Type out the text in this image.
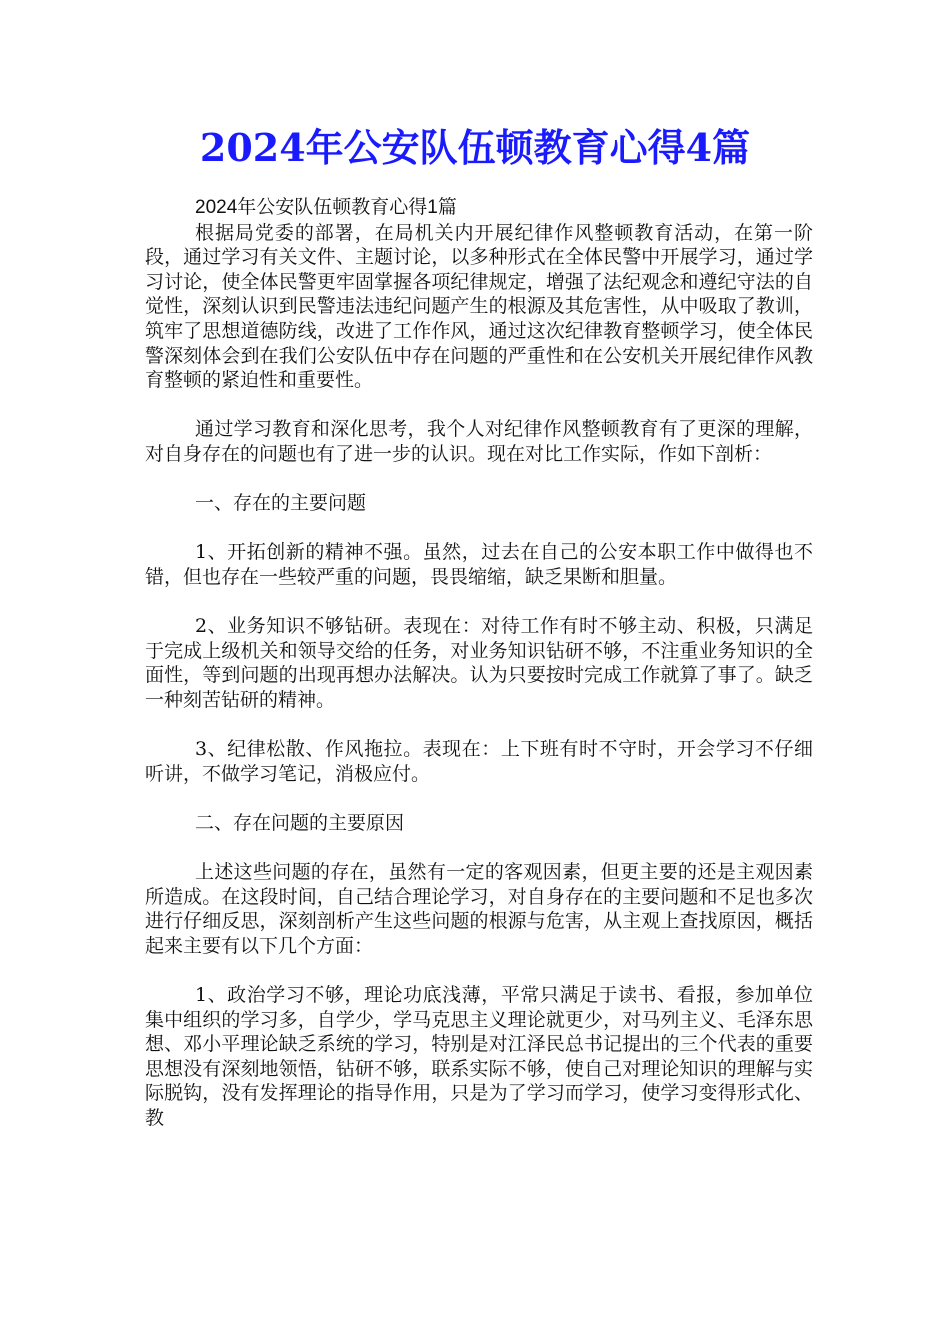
2024年公安队伍顿教育心得4篇

2024年公安队伍顿教育心得1篇

根据局党委的部署，在局机关内开展纪律作风整顿教育活动，在第一阶段，通过学习有关文件、主题讨论，以多种形式在全体民警中开展学习，通过学习讨论，使全体民警更牢固掌握各项纪律规定，增强了法纪观念和遵纪守法的自觉性，深刻认识到民警违法违纪问题产生的根源及其危害性，从中吸取了教训，筑牢了思想道德防线，改进了工作作风，通过这次纪律教育整顿学习，使全体民警深刻体会到在我们公安队伍中存在问题的严重性和在公安机关开展纪律作风教育整顿的紧迫性和重要性。

通过学习教育和深化思考，我个人对纪律作风整顿教育有了更深的理解，对自身存在的问题也有了进一步的认识。现在对比工作实际，作如下剖析：

一、存在的主要问题

1、开拓创新的精神不强。虽然，过去在自己的公安本职工作中做得也不错，但也存在一些较严重的问题，畏畏缩缩，缺乏果断和胆量。

2、业务知识不够钻研。表现在：对待工作有时不够主动、积极，只满足于完成上级机关和领导交给的任务，对业务知识钻研不够，不注重业务知识的全面性，等到问题的出现再想办法解决。认为只要按时完成工作就算了事了。缺乏一种刻苦钻研的精神。

3、纪律松散、作风拖拉。表现在：上下班有时不守时，开会学习不仔细听讲，不做学习笔记，消极应付。

二、存在问题的主要原因

上述这些问题的存在，虽然有一定的客观因素，但更主要的还是主观因素所造成。在这段时间，自己结合理论学习，对自身存在的主要问题和不足也多次进行仔细反思，深刻剖析产生这些问题的根源与危害，从主观上查找原因，概括起来主要有以下几个方面：

1、政治学习不够，理论功底浅薄，平常只满足于读书、看报，参加单位集中组织的学习多，自学少，学马克思主义理论就更少，对马列主义、毛泽东思想、邓小平理论缺乏系统的学习，特别是对江泽民总书记提出的三个代表的重要思想没有深刻地领悟，钻研不够，联系实际不够，使自己对理论知识的理解与实际脱钩，没有发挥理论的指导作用，只是为了学习而学习，使学习变得形式化、教
